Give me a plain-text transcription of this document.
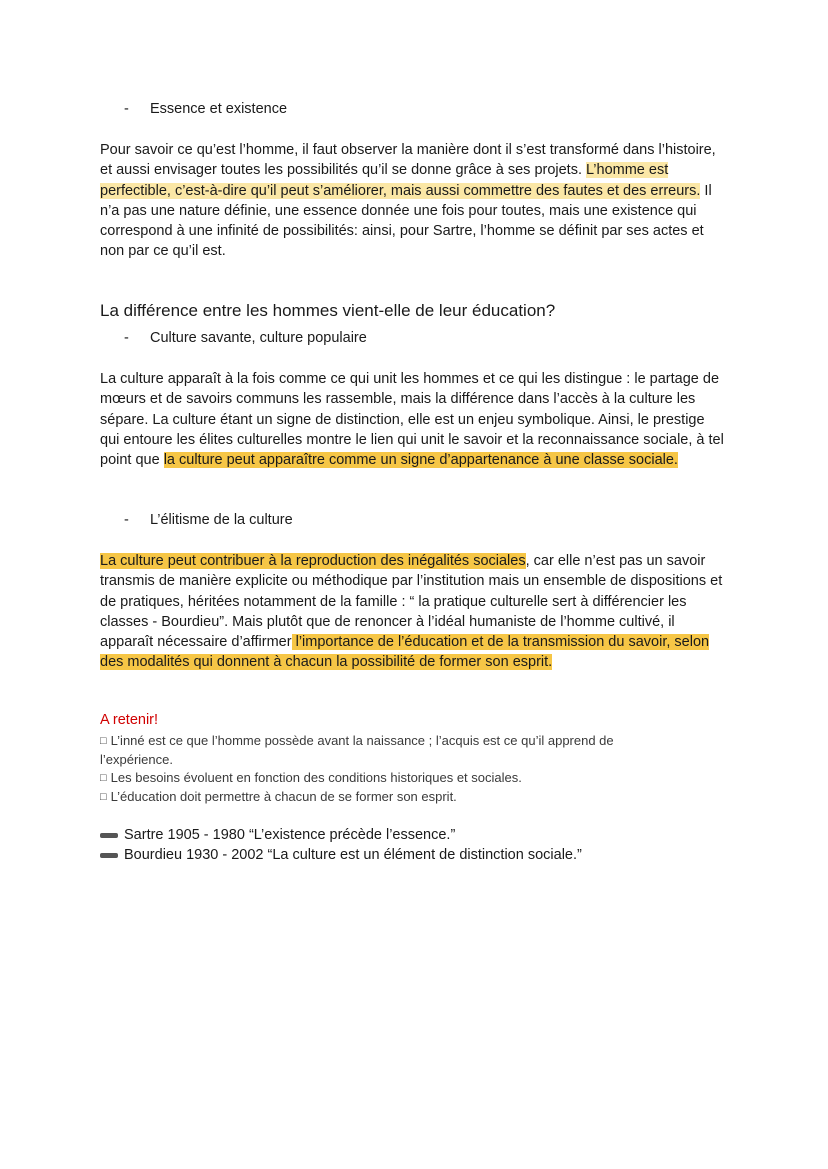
- Essence et existence

Pour savoir ce qu’est l’homme, il faut observer la manière dont il s’est transformé dans l’histoire, et aussi envisager toutes les possibilités qu’il se donne grâce à ses projets. L’homme est perfectible, c’est-à-dire qu’il peut s’améliorer, mais aussi commettre des fautes et des erreurs. Il n’a pas une nature définie, une essence donnée une fois pour toutes, mais une existence qui correspond à une infinité de possibilités: ainsi, pour Sartre, l’homme se définit par ses actes et non par ce qu’il est.

La différence entre les hommes vient-elle de leur éducation?
- Culture savante, culture populaire

La culture apparaît à la fois comme ce qui unit les hommes et ce qui les distingue : le partage de mœurs et de savoirs communs les rassemble, mais la différence dans l’accès à la culture les sépare. La culture étant un signe de distinction, elle est un enjeu symbolique. Ainsi, le prestige qui entoure les élites culturelles montre le lien qui unit le savoir et la reconnaissance sociale, à tel point que la culture peut apparaître comme un signe d’appartenance à une classe sociale.

- L’élitisme de la culture

La culture peut contribuer à la reproduction des inégalités sociales, car elle n’est pas un savoir transmis de manière explicite ou méthodique par l’institution mais un ensemble de dispositions et de pratiques, héritées notamment de la famille : “ la pratique culturelle sert à différencier les classes - Bourdieu”. Mais plutôt que de renoncer à l’idéal humaniste de l’homme cultivé, il apparaît nécessaire d’affirmer l’importance de l’éducation et de la transmission du savoir, selon des modalités qui donnent à chacun la possibilité de former son esprit.

A retenir!
□ L’inné est ce que l’homme possède avant la naissance ; l’acquis est ce qu’il apprend de l’expérience.
□ Les besoins évoluent en fonction des conditions historiques et sociales.
□ L’éducation doit permettre à chacun de se former son esprit.
Sartre 1905 - 1980 “L’existence précède l’essence.”
Bourdieu 1930 - 2002 “La culture est un élément de distinction sociale.”
